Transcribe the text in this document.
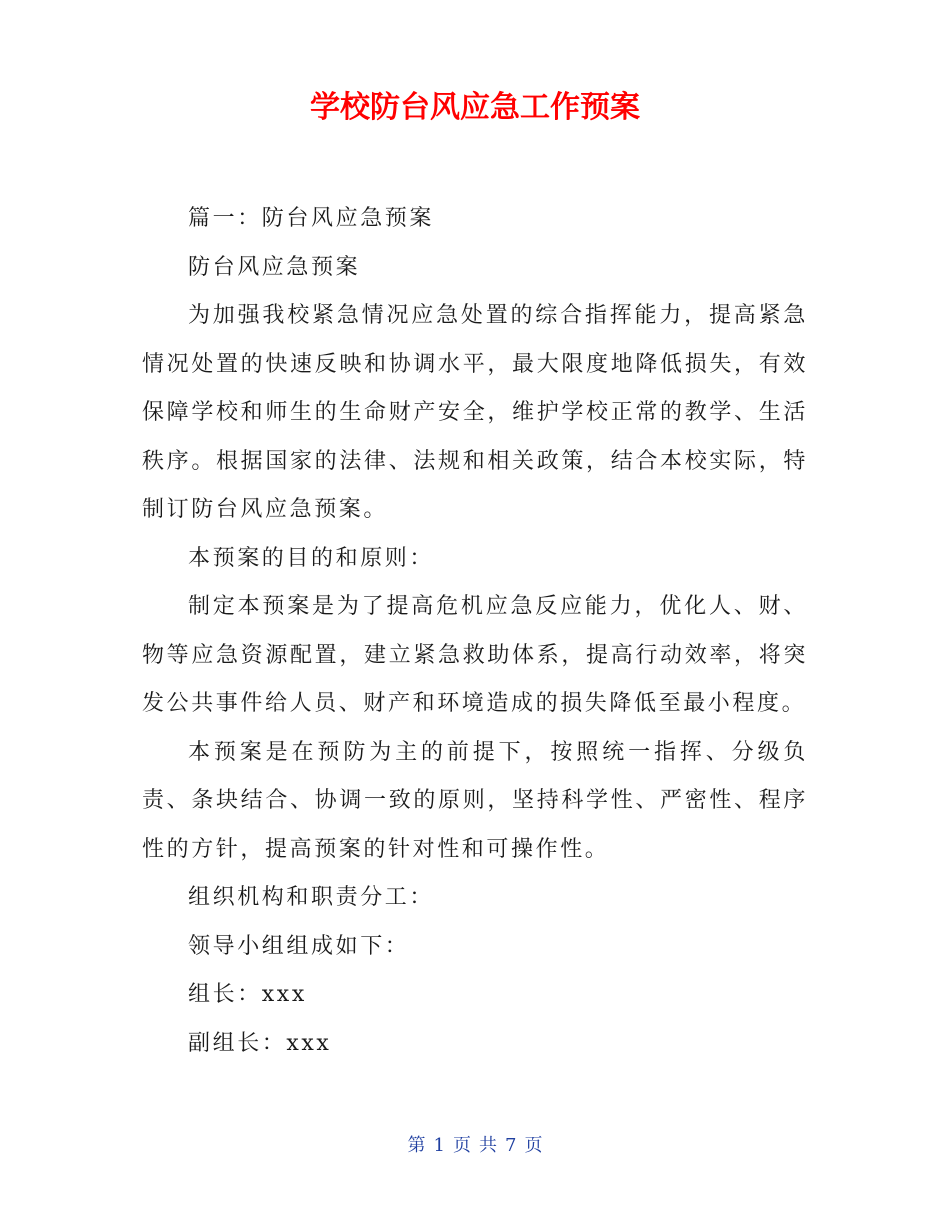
学校防台风应急工作预案

篇一：防台风应急预案

防台风应急预案

为加强我校紧急情况应急处置的综合指挥能力，提高紧急情况处置的快速反映和协调水平，最大限度地降低损失，有效保障学校和师生的生命财产安全，维护学校正常的教学、生活秩序。根据国家的法律、法规和相关政策，结合本校实际，特制订防台风应急预案。

本预案的目的和原则：

制定本预案是为了提高危机应急反应能力，优化人、财、物等应急资源配置，建立紧急救助体系，提高行动效率，将突发公共事件给人员、财产和环境造成的损失降低至最小程度。

本预案是在预防为主的前提下，按照统一指挥、分级负责、条块结合、协调一致的原则，坚持科学性、严密性、程序性的方针，提高预案的针对性和可操作性。

组织机构和职责分工：

领导小组组成如下：

组长：xxx

副组长：xxx

第 1 页 共 7 页
